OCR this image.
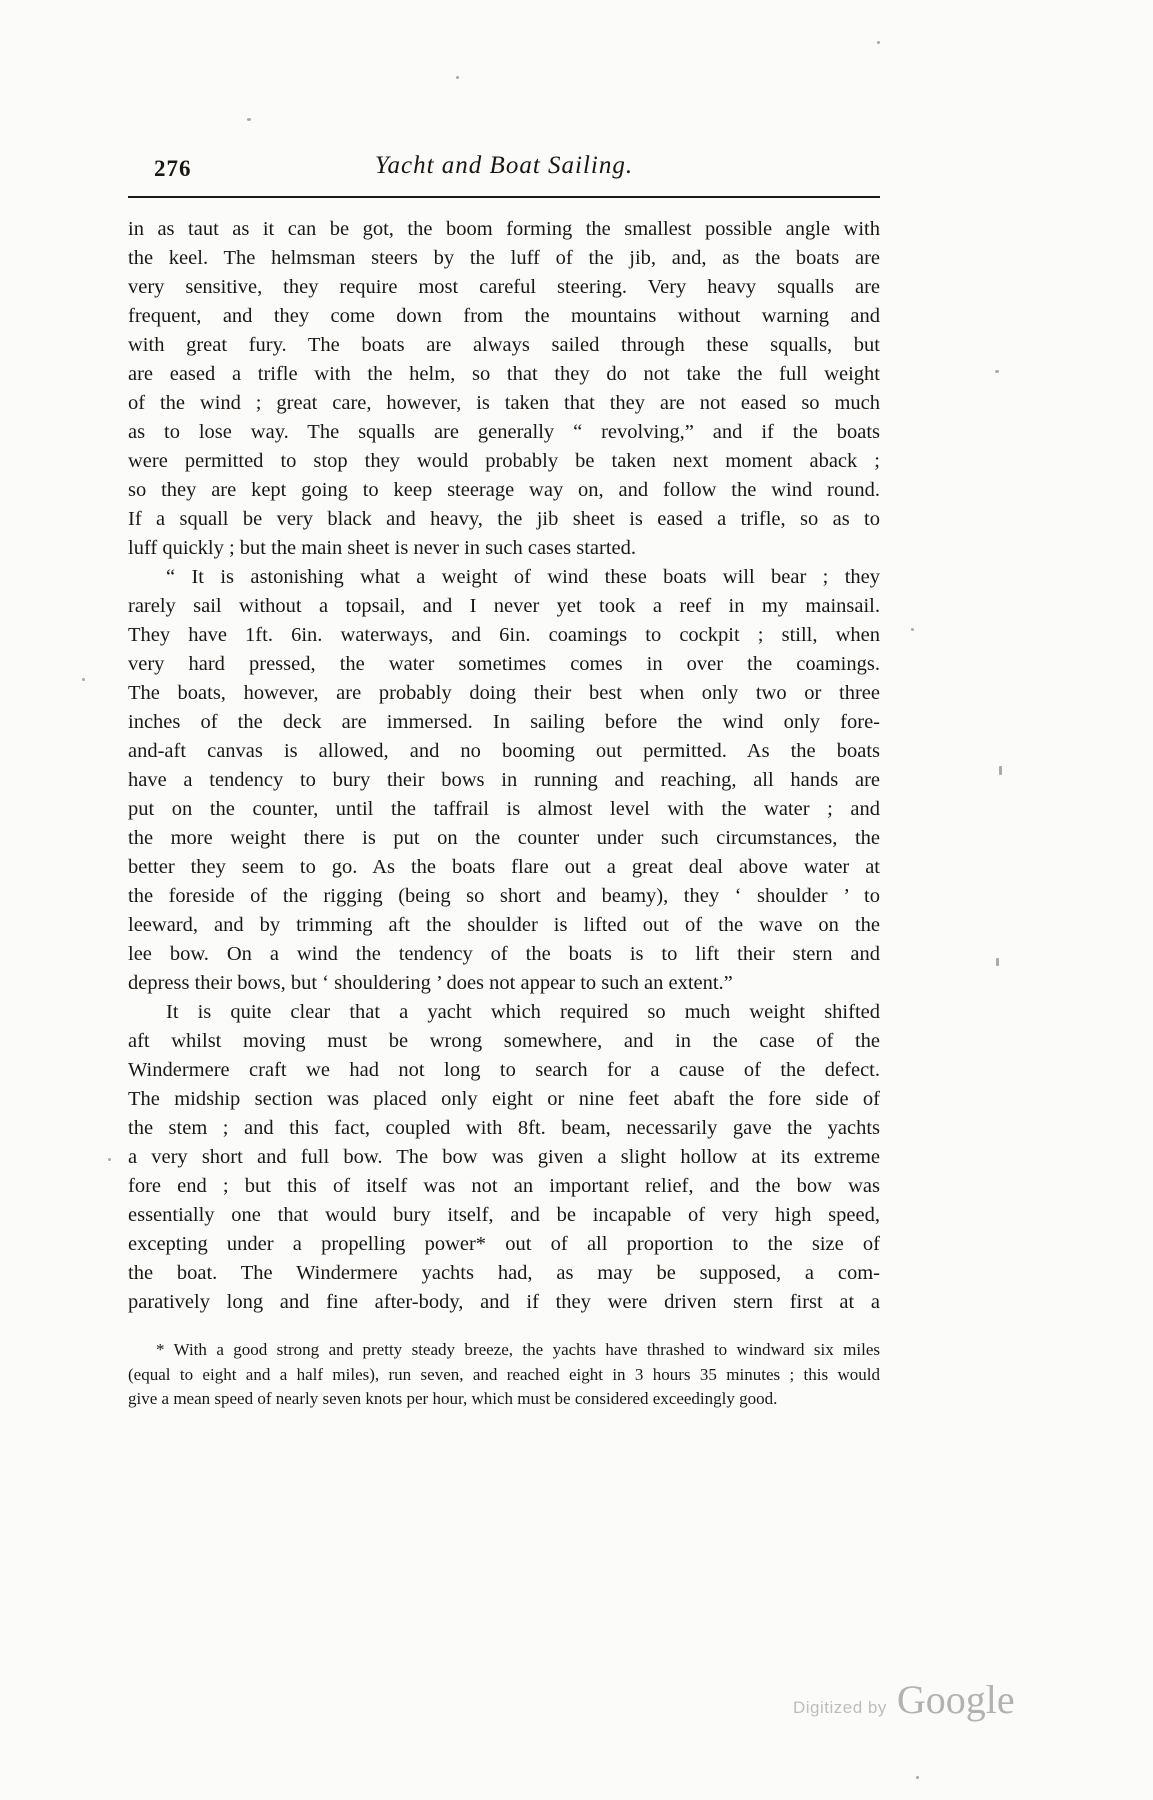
276	Yacht and Boat Sailing.
in as taut as it can be got, the boom forming the smallest possible angle with
the keel. The helmsman steers by the luff of the jib, and, as the boats are
very sensitive, they require most careful steering. Very heavy squalls are
frequent, and they come down from the mountains without warning and
with great fury. The boats are always sailed through these squalls, but
are eased a trifle with the helm, so that they do not take the full weight
of the wind ; great care, however, is taken that they are not eased so much
as to lose way. The squalls are generally “ revolving,” and if the boats
were permitted to stop they would probably be taken next moment aback ;
so they are kept going to keep steerage way on, and follow the wind round.
If a squall be very black and heavy, the jib sheet is eased a trifle, so as to
luff quickly ; but the main sheet is never in such cases started.
“ It is astonishing what a weight of wind these boats will bear ; they
rarely sail without a topsail, and I never yet took a reef in my mainsail.
They have 1ft. 6in. waterways, and 6in. coamings to cockpit ; still, when
very hard pressed, the water sometimes comes in over the coamings.
The boats, however, are probably doing their best when only two or three
inches of the deck are immersed. In sailing before the wind only fore-
and-aft canvas is allowed, and no booming out permitted. As the boats
have a tendency to bury their bows in running and reaching, all hands are
put on the counter, until the taffrail is almost level with the water ; and
the more weight there is put on the counter under such circumstances, the
better they seem to go. As the boats flare out a great deal above water at
the foreside of the rigging (being so short and beamy), they ‘ shoulder ’ to
leeward, and by trimming aft the shoulder is lifted out of the wave on the
lee bow. On a wind the tendency of the boats is to lift their stern and
depress their bows, but ‘ shouldering ’ does not appear to such an extent.”
It is quite clear that a yacht which required so much weight shifted
aft whilst moving must be wrong somewhere, and in the case of the
Windermere craft we had not long to search for a cause of the defect.
The midship section was placed only eight or nine feet abaft the fore side of
the stem ; and this fact, coupled with 8ft. beam, necessarily gave the yachts
a very short and full bow. The bow was given a slight hollow at its extreme
fore end ; but this of itself was not an important relief, and the bow was
essentially one that would bury itself, and be incapable of very high speed,
excepting under a propelling power* out of all proportion to the size of
the boat. The Windermere yachts had, as may be supposed, a com-
paratively long and fine after-body, and if they were driven stern first at a
* With a good strong and pretty steady breeze, the yachts have thrashed to windward six miles
(equal to eight and a half miles), run seven, and reached eight in 3 hours 35 minutes ; this would
give a mean speed of nearly seven knots per hour, which must be considered exceedingly good.
Digitized by Google
